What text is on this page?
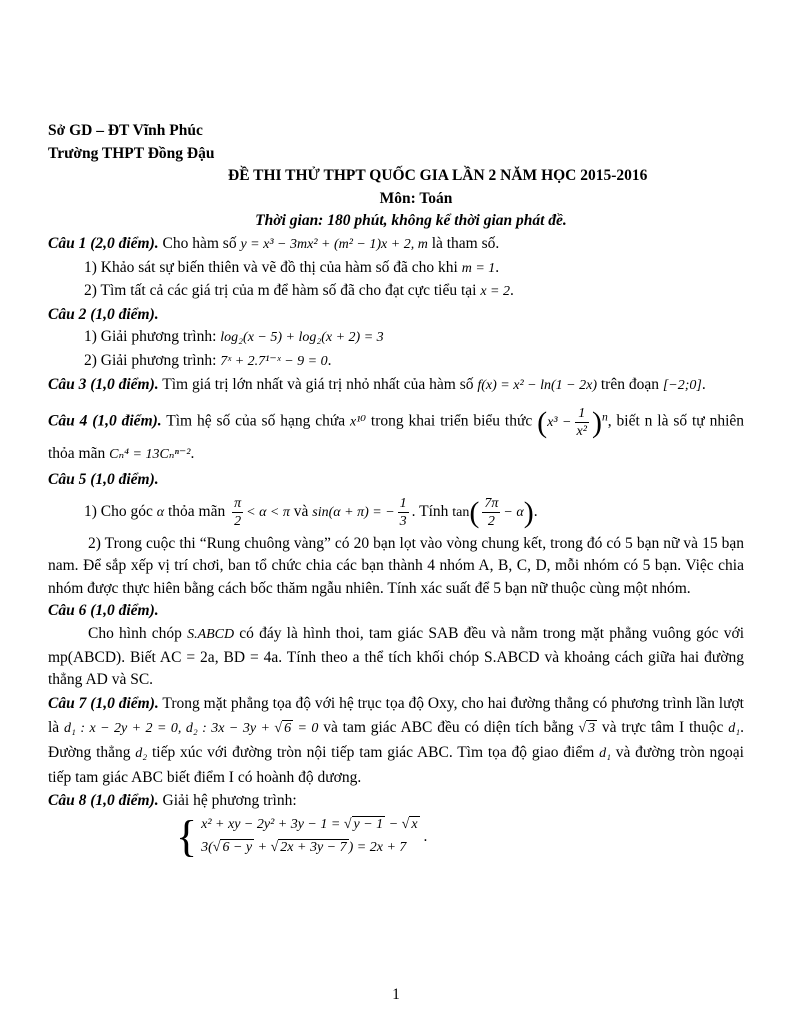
Sở GD – ĐT Vĩnh Phúc
Trường THPT Đồng Đậu
ĐỀ THI THỬ THPT QUỐC GIA LẦN 2 NĂM HỌC 2015-2016
Môn: Toán
Thời gian: 180 phút, không kể thời gian phát đề.
Câu 1 (2,0 điểm). Cho hàm số y = x³ − 3mx² + (m² − 1)x + 2, m là tham số.
1) Khảo sát sự biến thiên và vẽ đồ thị của hàm số đã cho khi m = 1.
2) Tìm tất cả các giá trị của m để hàm số đã cho đạt cực tiểu tại x = 2.
Câu 2 (1,0 điểm).
1) Giải phương trình: log₂(x − 5) + log₂(x + 2) = 3
2) Giải phương trình: 7ˣ + 2.7¹⁻ˣ − 9 = 0.
Câu 3 (1,0 điểm). Tìm giá trị lớn nhất và giá trị nhỏ nhất của hàm số f(x) = x² − ln(1 − 2x) trên đoạn [−2;0].
Câu 4 (1,0 điểm). Tìm hệ số của số hạng chứa x¹⁰ trong khai triển biểu thức $(x^3 - \frac{1}{\text{x²}} )^n$, biết n là số tự nhiên thỏa mãn Cₙ⁴ = 13Cₙⁿ⁻².
Câu 5 (1,0 điểm).
1) Cho góc α thỏa mãn $\frac{\pi}{2} < \alpha < \pi$ và sin(α + π) = − $\frac{1}{3}$ . Tính $\tan( \frac{7\pi}{2} - \alpha)$.
2) Trong cuộc thi “Rung chuông vàng” có 20 bạn lọt vào vòng chung kết, trong đó có 5 bạn nữ và 15 bạn nam. Để sắp xếp vị trí chơi, ban tổ chức chia các bạn thành 4 nhóm A, B, C, D, mỗi nhóm có 5 bạn. Việc chia nhóm được thực hiên bằng cách bốc thăm ngẫu nhiên. Tính xác suất để 5 bạn nữ thuộc cùng một nhóm.
Câu 6 (1,0 điểm).
Cho hình chóp S.ABCD có đáy là hình thoi, tam giác SAB đều và nằm trong mặt phẳng vuông góc với mp(ABCD). Biết AC = 2a, BD = 4a. Tính theo a thể tích khối chóp S.ABCD và khoảng cách giữa hai đường thẳng AD và SC.
Câu 7 (1,0 điểm). Trong mặt phẳng tọa độ với hệ trục tọa độ Oxy, cho hai đường thẳng có phương trình lần lượt là d₁ : x − 2y + 2 = 0, d₂ : 3x − 3y + √ 6 = 0 và tam giác ABC đều có diện tích bằng √ 3 và trực tâm I thuộc d₁. Đường thẳng d₂ tiếp xúc với đường tròn nội tiếp tam giác ABC. Tìm tọa độ giao điểm d₁ và đường tròn ngoại tiếp tam giác ABC biết điểm I có hoành độ dương.
Câu 8 (1,0 điểm). Giải hệ phương trình:
{ x² + xy − 2y² + 3y − 1 = √ y − 1 − √ x
3(√ 6 − y + √ 2x + 3y − 7 ) = 2x + 7
.
1
